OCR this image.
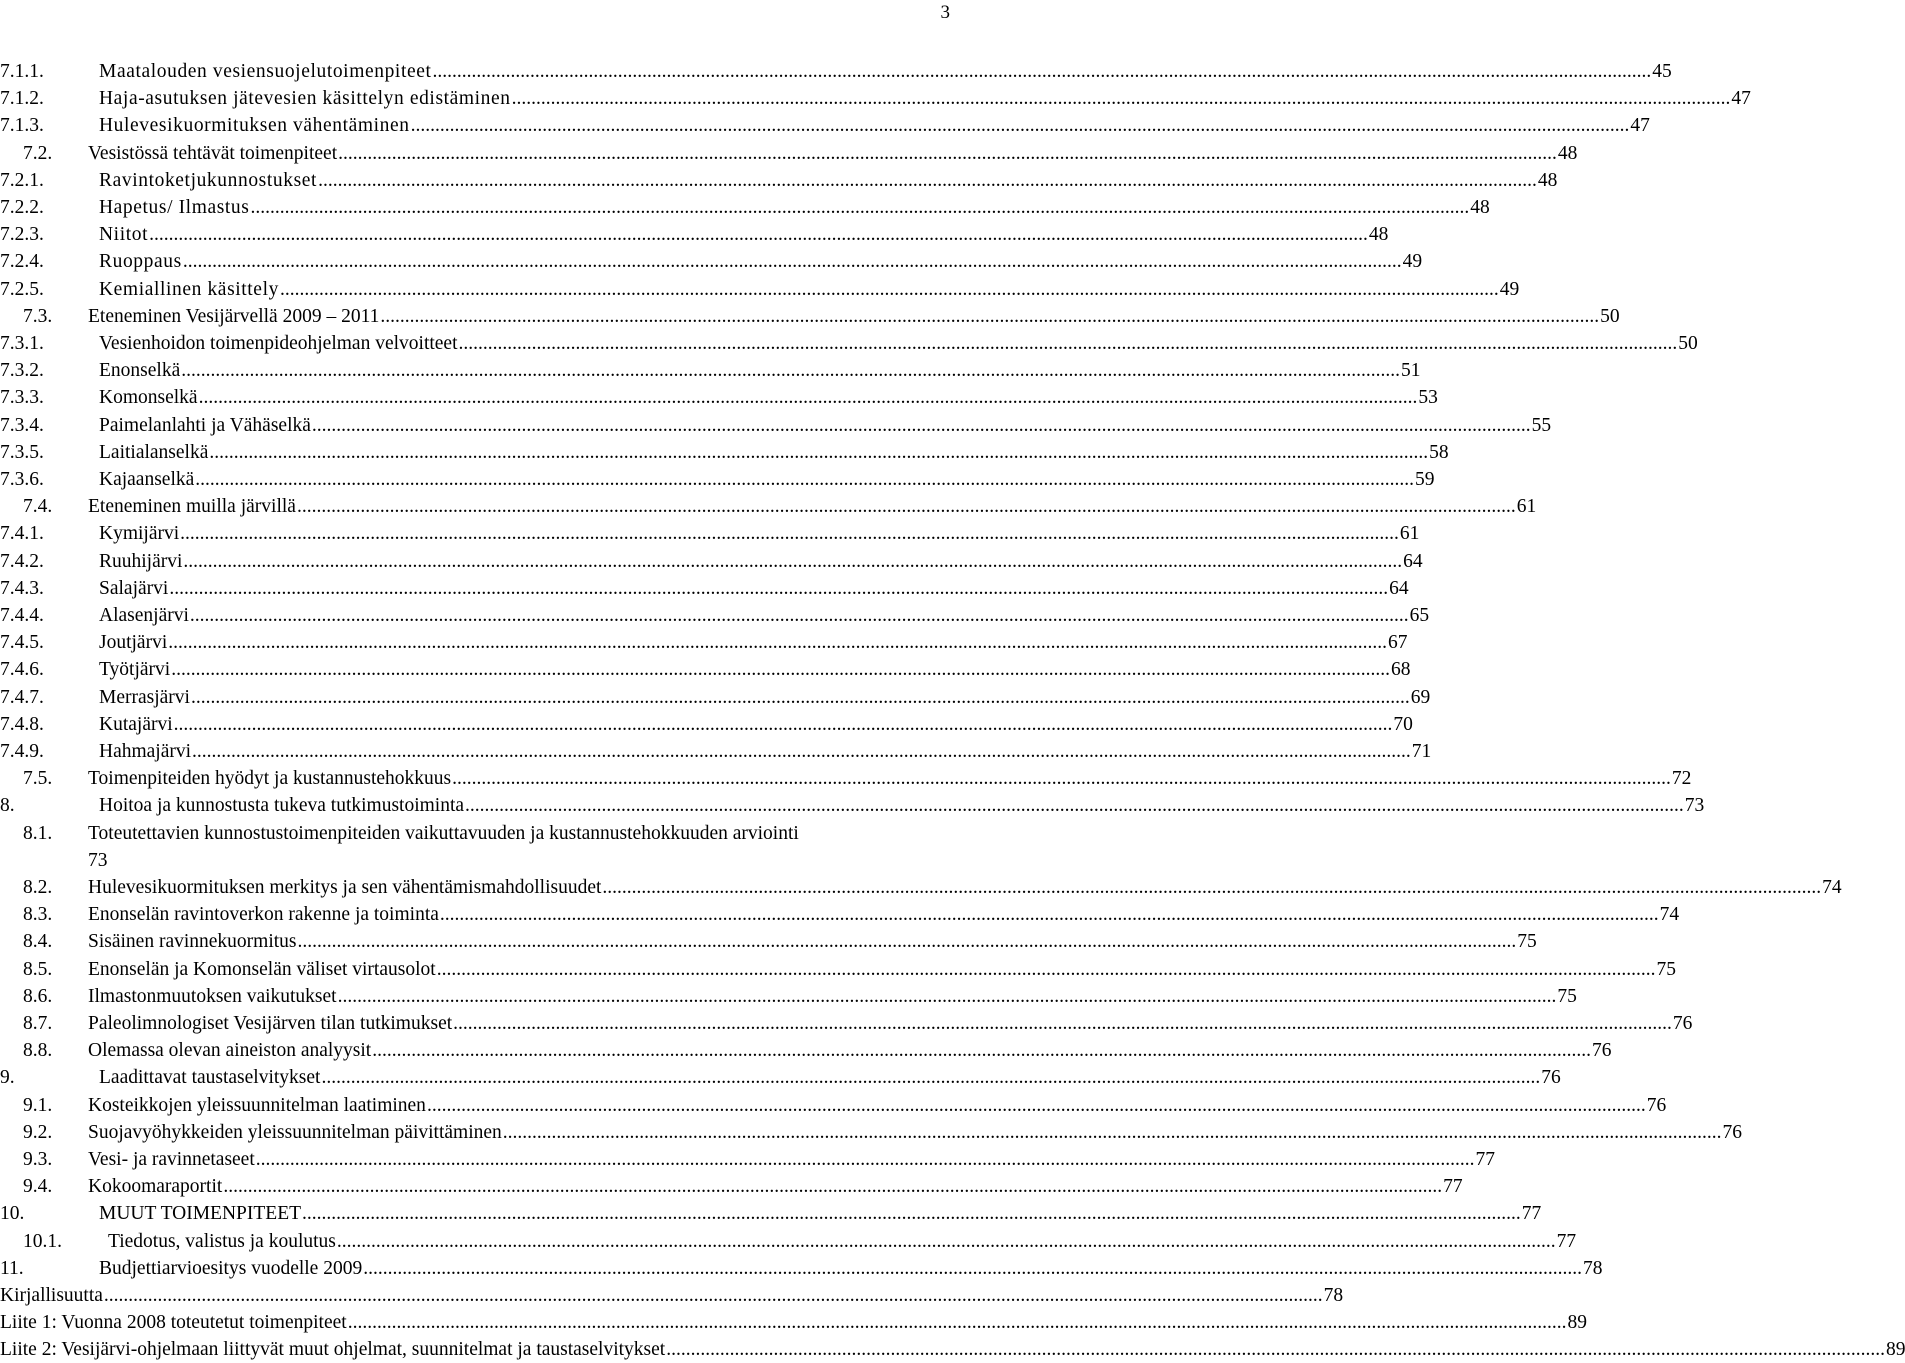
3
7.1.1.	Maatalouden vesiensuojelutoimenpiteet .....	45
7.1.2.	Haja-asutuksen jätevesien käsittelyn edistäminen .....	47
7.1.3.	Hulevesikuormituksen vähentäminen .....	47
7.2. Vesistössä tehtävät toimenpiteet .....	48
7.2.1.	Ravintoketjukunnostukset .....	48
7.2.2.	Hapetus/ Ilmastus .....	48
7.2.3.	Niitot .....	48
7.2.4.	Ruoppaus .....	49
7.2.5.	Kemiallinen käsittely .....	49
7.3. Eteneminen Vesijärvellä 2009 – 2011 .....	50
7.3.1.	Vesienhoidon toimenpideohjelman velvoitteet .....	50
7.3.2.	Enonselkä .....	51
7.3.3.	Komonselkä .....	53
7.3.4.	Paimelanlahti ja Vähäselkä .....	55
7.3.5.	Laitialanselkä .....	58
7.3.6.	Kajaanselkä .....	59
7.4. Eteneminen muilla järvillä .....	61
7.4.1.	Kymijärvi .....	61
7.4.2.	Ruuhijärvi .....	64
7.4.3.	Salajärvi .....	64
7.4.4.	Alasenjärvi .....	65
7.4.5.	Joutjärvi .....	67
7.4.6.	Työtjärvi .....	68
7.4.7.	Merrasjärvi .....	69
7.4.8.	Kutajärvi .....	70
7.4.9.	Hahmajärvi .....	71
7.5. Toimenpiteiden hyödyt ja kustannustehokkuus .....	72
8.	Hoitoa ja kunnostusta tukeva tutkimustoiminta .....	73
8.1. Toteutettavien kunnostustoimenpiteiden vaikuttavuuden ja kustannustehokkuuden arviointi
73
8.2. Hulevesikuormituksen merkitys ja sen vähentämismahdollisuudet .....	74
8.3. Enonselän ravintoverkon rakenne ja toiminta .....	74
8.4. Sisäinen ravinnekuormitus .....	75
8.5. Enonselän ja Komonselän väliset virtausolot .....	75
8.6. Ilmastonmuutoksen vaikutukset .....	75
8.7. Paleolimnologiset Vesijärven tilan tutkimukset .....	76
8.8. Olemassa olevan aineiston analyysit .....	76
9.	Laadittavat taustaselvitykset .....	76
9.1. Kosteikkojen yleissuunnitelman laatiminen .....	76
9.2. Suojavyöhykkeiden yleissuunnitelman päivittäminen .....	76
9.3. Vesi- ja ravinnetaseet .....	77
9.4. Kokoomaraportit .....	77
10.	MUUT TOIMENPITEET .....	77
10.1. Tiedotus, valistus ja koulutus .....	77
11.	Budjettiarvioesitys vuodelle 2009 .....	78
Kirjallisuutta .....	78
Liite 1: Vuonna 2008 toteutetut toimenpiteet .....	89
Liite 2: Vesijärvi-ohjelmaan liittyvät muut ohjelmat, suunnitelmat ja taustaselvitykset .....	89
